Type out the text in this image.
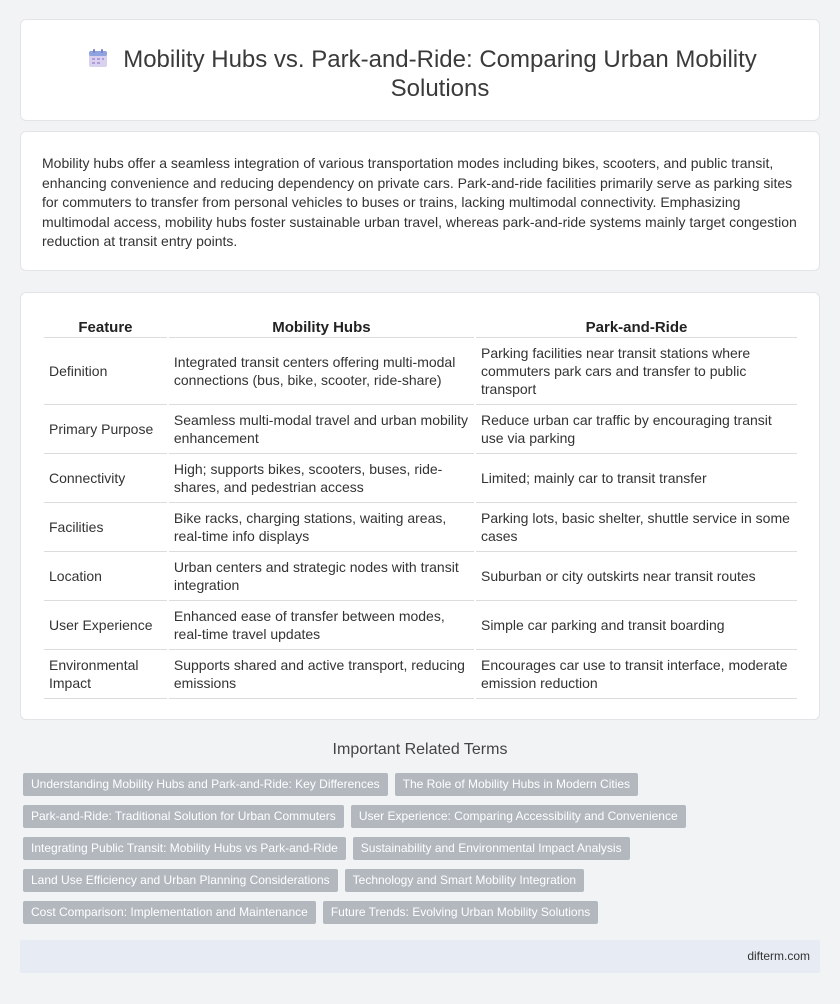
Mobility Hubs vs. Park-and-Ride: Comparing Urban Mobility Solutions

Mobility hubs offer a seamless integration of various transportation modes including bikes, scooters, and public transit, enhancing convenience and reducing dependency on private cars. Park-and-ride facilities primarily serve as parking sites for commuters to transfer from personal vehicles to buses or trains, lacking multimodal connectivity. Emphasizing multimodal access, mobility hubs foster sustainable urban travel, whereas park-and-ride systems mainly target congestion reduction at transit entry points.

Feature	Mobility Hubs	Park-and-Ride
Definition	Integrated transit centers offering multi-modal connections (bus, bike, scooter, ride-share)	Parking facilities near transit stations where commuters park cars and transfer to public transport
Primary Purpose	Seamless multi-modal travel and urban mobility enhancement	Reduce urban car traffic by encouraging transit use via parking
Connectivity	High; supports bikes, scooters, buses, ride-shares, and pedestrian access	Limited; mainly car to transit transfer
Facilities	Bike racks, charging stations, waiting areas, real-time info displays	Parking lots, basic shelter, shuttle service in some cases
Location	Urban centers and strategic nodes with transit integration	Suburban or city outskirts near transit routes
User Experience	Enhanced ease of transfer between modes, real-time travel updates	Simple car parking and transit boarding
Environmental Impact	Supports shared and active transport, reducing emissions	Encourages car use to transit interface, moderate emission reduction
Important Related Terms
Understanding Mobility Hubs and Park-and-Ride: Key Differences	The Role of Mobility Hubs in Modern Cities
Park-and-Ride: Traditional Solution for Urban Commuters	User Experience: Comparing Accessibility and Convenience
Integrating Public Transit: Mobility Hubs vs Park-and-Ride	Sustainability and Environmental Impact Analysis
Land Use Efficiency and Urban Planning Considerations	Technology and Smart Mobility Integration
Cost Comparison: Implementation and Maintenance	Future Trends: Evolving Urban Mobility Solutions
difterm.com
